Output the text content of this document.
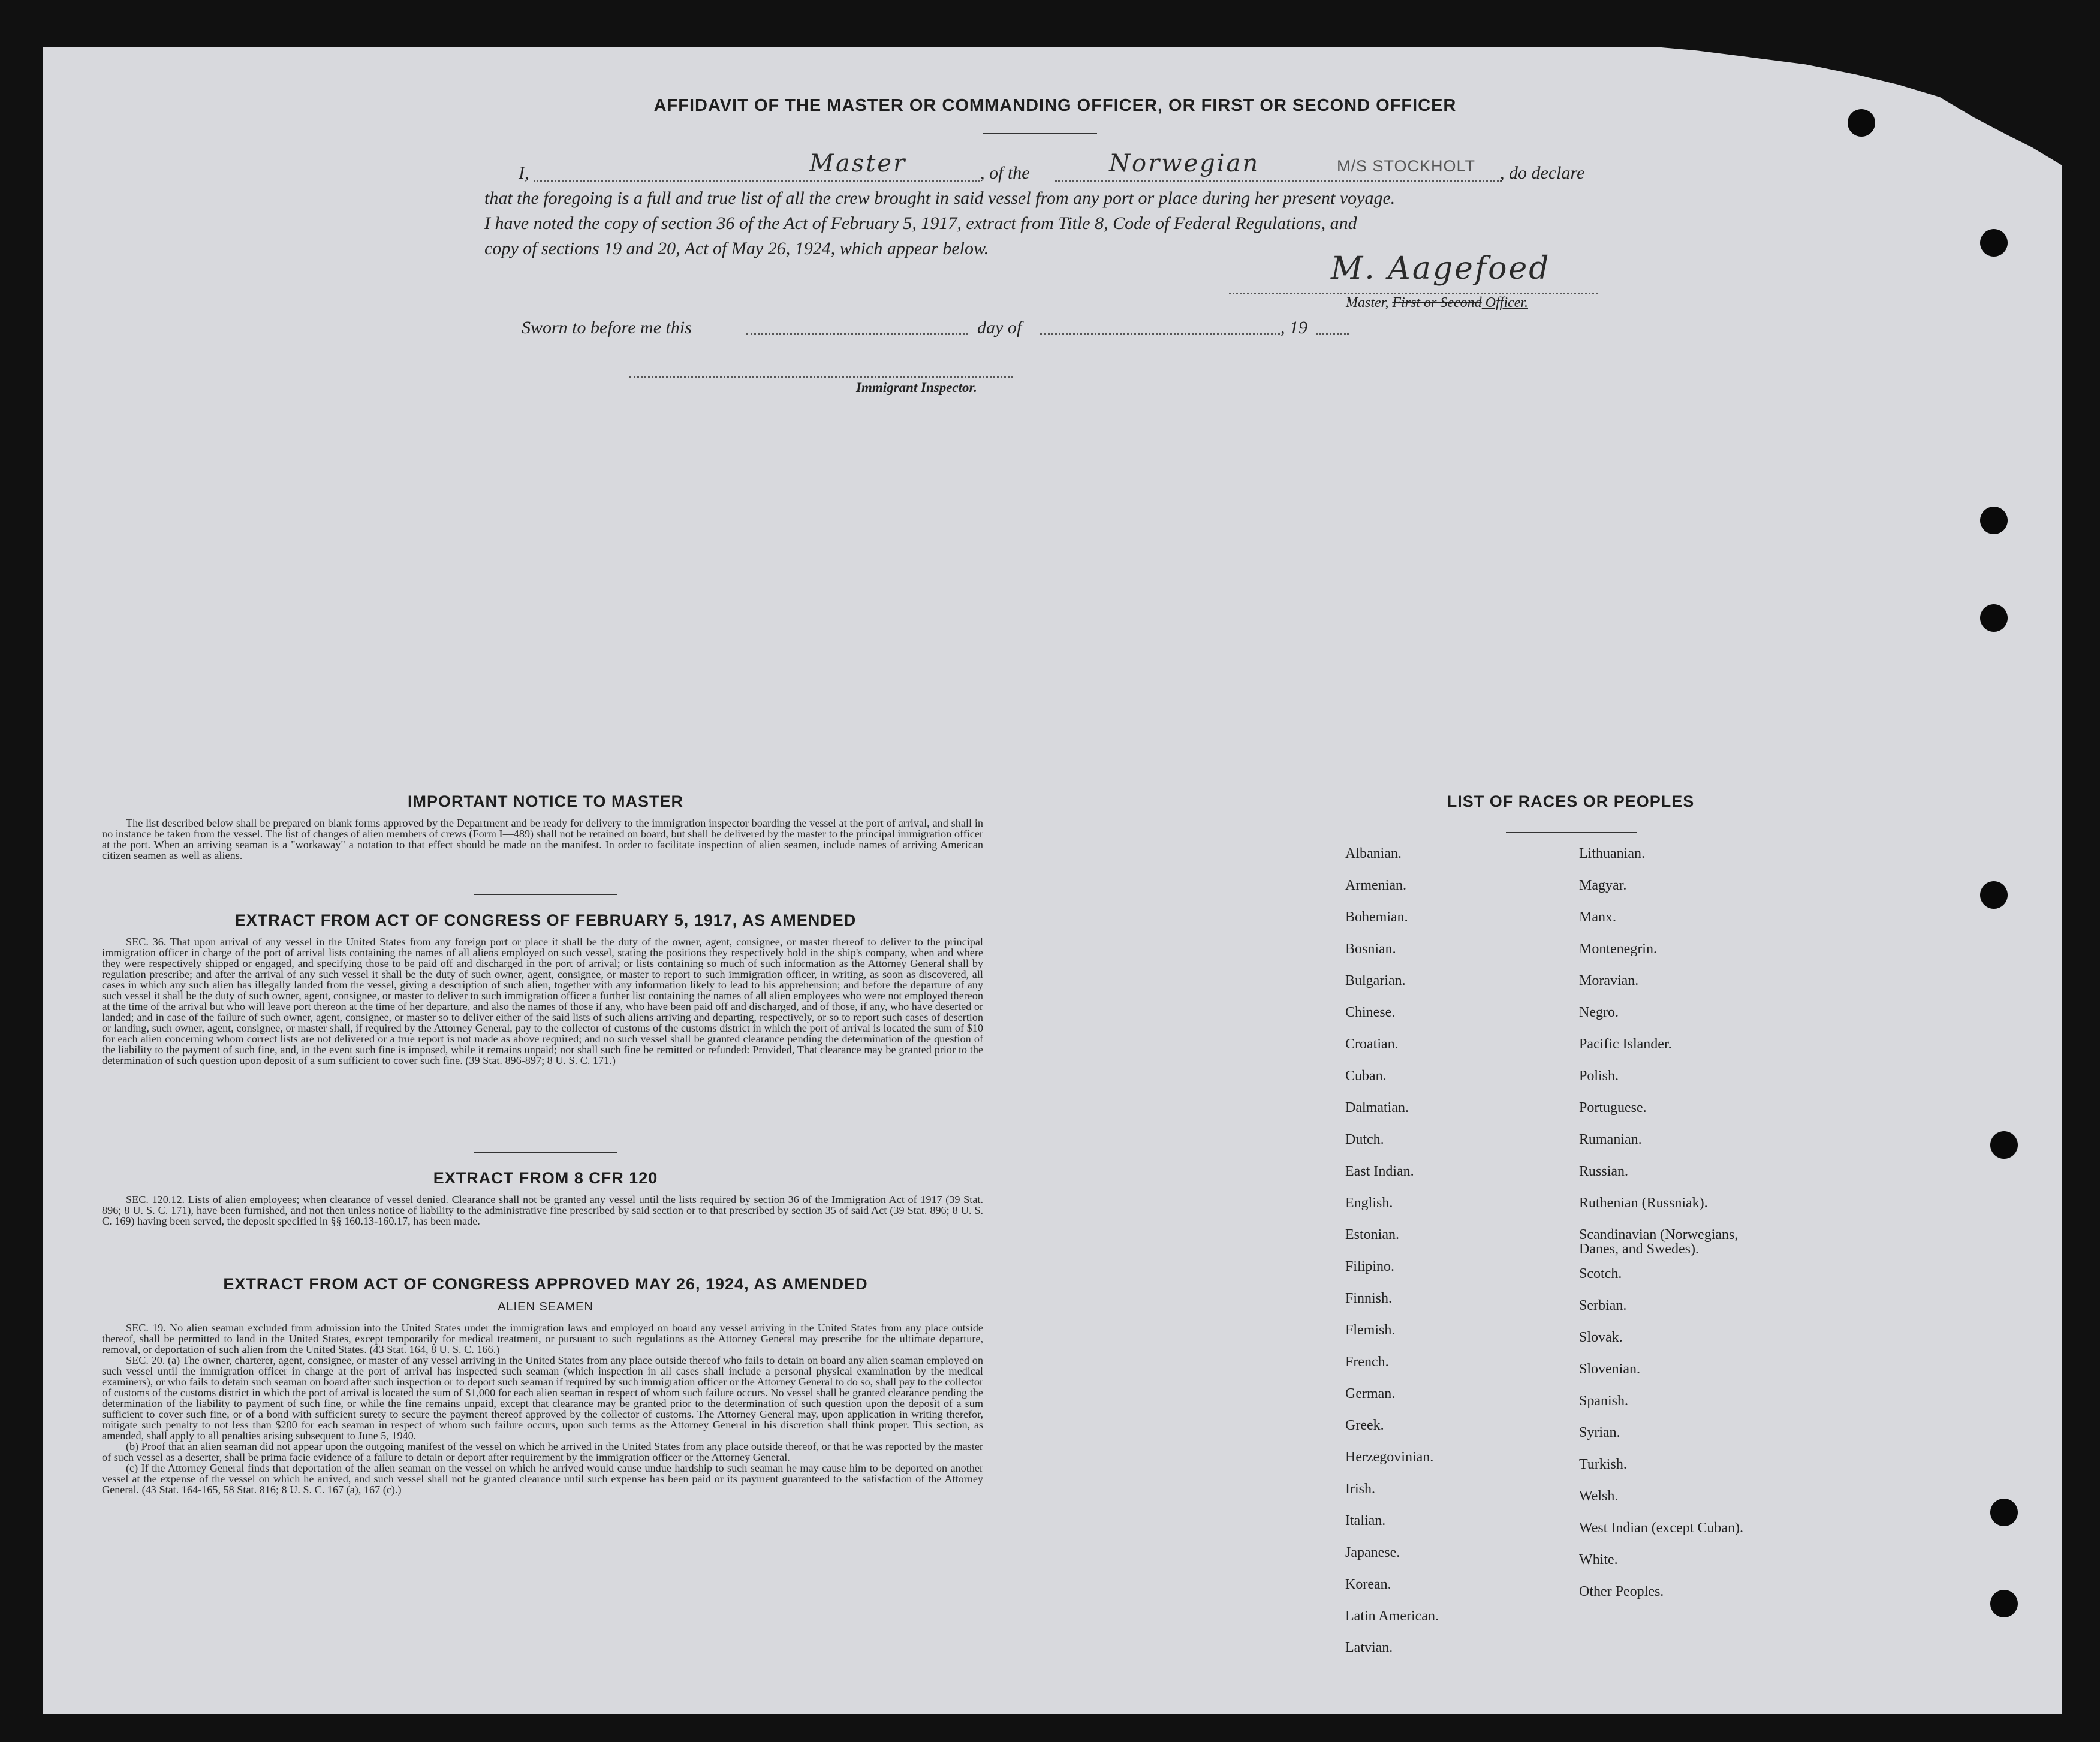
AFFIDAVIT OF THE MASTER OR COMMANDING OFFICER, OR FIRST OR SECOND OFFICER
I,	Master	, of the	Norwegian	M/S STOCKHOLT , do declare
that the foregoing is a full and true list of all the crew brought in said vessel from any port or place during her present voyage.
I have noted the copy of section 36 of the Act of February 5, 1917, extract from Title 8, Code of Federal Regulations, and
copy of sections 19 and 20, Act of May 26, 1924, which appear below.
M. Aagefoed
Master, First or Second Officer.
Sworn to before me this	day of	, 19
Immigrant Inspector.
IMPORTANT NOTICE TO MASTER

The list described below shall be prepared on blank forms approved by the Department and be ready for delivery to the immigration inspector boarding the vessel at the port of arrival, and shall in no instance be taken from the vessel. The list of changes of alien members of crews (Form I—489) shall not be retained on board, but shall be delivered by the master to the principal immigration officer at the port. When an arriving seaman is a "workaway" a notation to that effect should be made on the manifest. In order to facilitate inspection of alien seamen, include names of arriving American citizen seamen as well as aliens.

EXTRACT FROM ACT OF CONGRESS OF FEBRUARY 5, 1917, AS AMENDED

SEC. 36. That upon arrival of any vessel in the United States from any foreign port or place it shall be the duty of the owner, agent, consignee, or master thereof to deliver to the principal immigration officer in charge of the port of arrival lists containing the names of all aliens employed on such vessel, stating the positions they respectively hold in the ship's company, when and where they were respectively shipped or engaged, and specifying those to be paid off and discharged in the port of arrival; or lists containing so much of such information as the Attorney General shall by regulation prescribe; and after the arrival of any such vessel it shall be the duty of such owner, agent, consignee, or master to report to such immigration officer, in writing, as soon as discovered, all cases in which any such alien has illegally landed from the vessel, giving a description of such alien, together with any information likely to lead to his apprehension; and before the departure of any such vessel it shall be the duty of such owner, agent, consignee, or master to deliver to such immigration officer a further list containing the names of all alien employees who were not employed thereon at the time of the arrival but who will leave port thereon at the time of her departure, and also the names of those if any, who have been paid off and discharged, and of those, if any, who have deserted or landed; and in case of the failure of such owner, agent, consignee, or master so to deliver either of the said lists of such aliens arriving and departing, respectively, or so to report such cases of desertion or landing, such owner, agent, consignee, or master shall, if required by the Attorney General, pay to the collector of customs of the customs district in which the port of arrival is located the sum of $10 for each alien concerning whom correct lists are not delivered or a true report is not made as above required; and no such vessel shall be granted clearance pending the determination of the question of the liability to the payment of such fine, and, in the event such fine is imposed, while it remains unpaid; nor shall such fine be remitted or refunded: Provided, That clearance may be granted prior to the determination of such question upon deposit of a sum sufficient to cover such fine. (39 Stat. 896-897; 8 U. S. C. 171.)

EXTRACT FROM 8 CFR 120

SEC. 120.12. Lists of alien employees; when clearance of vessel denied. Clearance shall not be granted any vessel until the lists required by section 36 of the Immigration Act of 1917 (39 Stat. 896; 8 U. S. C. 171), have been furnished, and not then unless notice of liability to the administrative fine prescribed by said section or to that prescribed by section 35 of said Act (39 Stat. 896; 8 U. S. C. 169) having been served, the deposit specified in §§ 160.13-160.17, has been made.

EXTRACT FROM ACT OF CONGRESS APPROVED MAY 26, 1924, AS AMENDED
ALIEN SEAMEN

SEC. 19. No alien seaman excluded from admission into the United States under the immigration laws and employed on board any vessel arriving in the United States from any place outside thereof, shall be permitted to land in the United States, except temporarily for medical treatment, or pursuant to such regulations as the Attorney General may prescribe for the ultimate departure, removal, or deportation of such alien from the United States. (43 Stat. 164, 8 U. S. C. 166.)

SEC. 20. (a) The owner, charterer, agent, consignee, or master of any vessel arriving in the United States from any place outside thereof who fails to detain on board any alien seaman employed on such vessel until the immigration officer in charge at the port of arrival has inspected such seaman (which inspection in all cases shall include a personal physical examination by the medical examiners), or who fails to detain such seaman on board after such inspection or to deport such seaman if required by such immigration officer or the Attorney General to do so, shall pay to the collector of customs of the customs district in which the port of arrival is located the sum of $1,000 for each alien seaman in respect of whom such failure occurs. No vessel shall be granted clearance pending the determination of the liability to payment of such fine, or while the fine remains unpaid, except that clearance may be granted prior to the determination of such question upon the deposit of a sum sufficient to cover such fine, or of a bond with sufficient surety to secure the payment thereof approved by the collector of customs. The Attorney General may, upon application in writing therefor, mitigate such penalty to not less than $200 for each seaman in respect of whom such failure occurs, upon such terms as the Attorney General in his discretion shall think proper. This section, as amended, shall apply to all penalties arising subsequent to June 5, 1940.

(b) Proof that an alien seaman did not appear upon the outgoing manifest of the vessel on which he arrived in the United States from any place outside thereof, or that he was reported by the master of such vessel as a deserter, shall be prima facie evidence of a failure to detain or deport after requirement by the immigration officer or the Attorney General.

(c) If the Attorney General finds that deportation of the alien seaman on the vessel on which he arrived would cause undue hardship to such seaman he may cause him to be deported on another vessel at the expense of the vessel on which he arrived, and such vessel shall not be granted clearance until such expense has been paid or its payment guaranteed to the satisfaction of the Attorney General. (43 Stat. 164-165, 58 Stat. 816; 8 U. S. C. 167 (a), 167 (c).)

LIST OF RACES OR PEOPLES
Albanian.
Armenian.
Bohemian.
Bosnian.
Bulgarian.
Chinese.
Croatian.
Cuban.
Dalmatian.
Dutch.
East Indian.
English.
Estonian.
Filipino.
Finnish.
Flemish.
French.
German.
Greek.
Herzegovinian.
Irish.
Italian.
Japanese.
Korean.
Latin American.
Latvian.
Lithuanian.
Magyar.
Manx.
Montenegrin.
Moravian.
Negro.
Pacific Islander.
Polish.
Portuguese.
Rumanian.
Russian.
Ruthenian (Russniak).
Scandinavian (Norwegians,
Danes, and Swedes).
Scotch.
Serbian.
Slovak.
Slovenian.
Spanish.
Syrian.
Turkish.
Welsh.
West Indian (except Cuban).
White.
Other Peoples.
